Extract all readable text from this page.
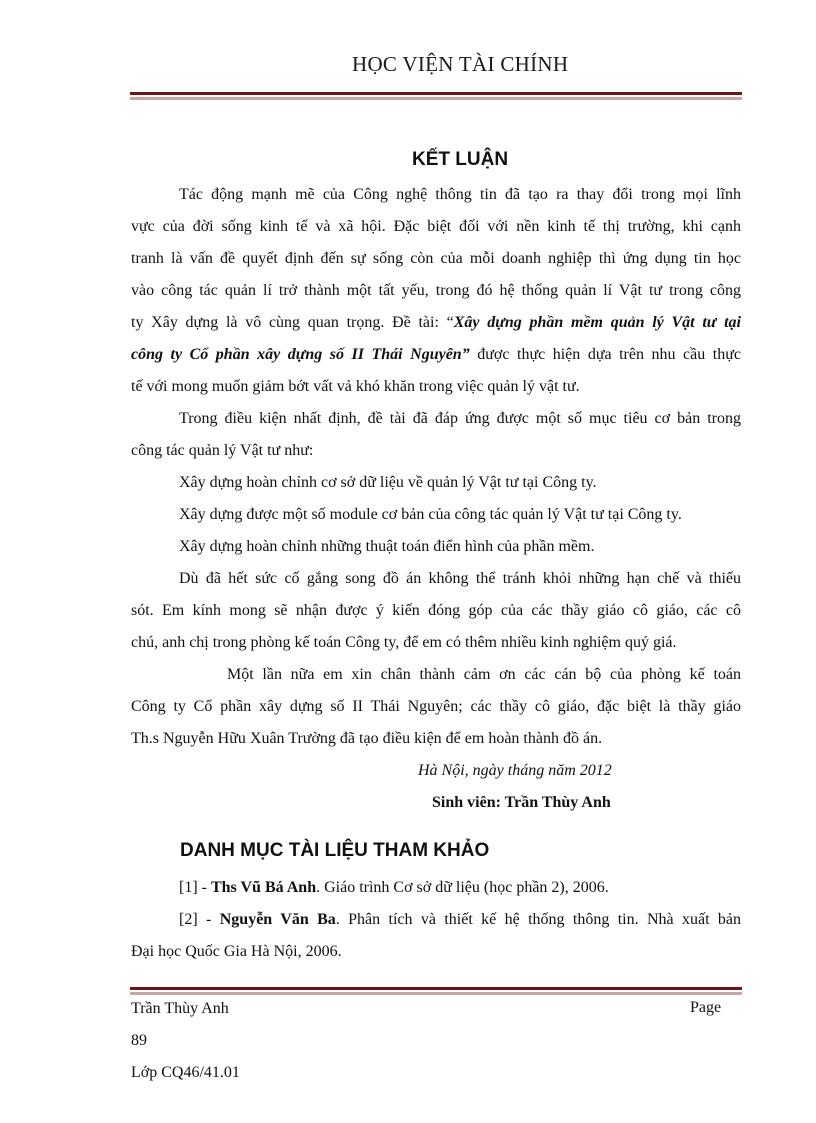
HỌC VIỆN TÀI CHÍNH
KẾT LUẬN
Tác động mạnh mẽ của Công nghệ thông tin đã tạo ra thay đổi trong mọi lĩnh
vực của đời sống kinh tế và xã hội. Đặc biệt đối với nền kinh tế thị trường, khi cạnh
tranh là vấn đề quyết định đến sự sống còn của mỗi doanh nghiệp thì ứng dụng tin học
vào công tác quản lí trở thành một tất yếu, trong đó hệ thống quản lí Vật tư trong công
ty Xây dựng là vô cùng quan trọng. Đề tài: “Xây dựng phần mềm quản lý Vật tư tại
công ty Cổ phần xây dựng số II Thái Nguyên” được thực hiện dựa trên nhu cầu thực
tế với mong muốn giảm bớt vất vả khó khăn trong việc quản lý vật tư.
Trong điều kiện nhất định, đề tài đã đáp ứng được một số mục tiêu cơ bản trong
công tác quản lý Vật tư như:
Xây dựng hoàn chỉnh cơ sở dữ liệu về quản lý Vật tư tại Công ty.
Xây dựng được một số module cơ bản của công tác quản lý Vật tư tại Công ty.
Xây dựng hoàn chỉnh những thuật toán điển hình của phần mềm.
Dù đã hết sức cố gắng song đồ án không thể tránh khỏi những hạn chế và thiếu
sót. Em kính mong sẽ nhận được ý kiến đóng góp của các thầy giáo cô giáo, các cô
chú, anh chị trong phòng kế toán Công ty, để em có thêm nhiều kinh nghiệm quý giá.
Một lần nữa em xin chân thành cảm ơn các cán bộ của phòng kế toán
Công ty Cổ phần xây dựng số II Thái Nguyên; các thầy cô giáo, đặc biệt là thầy giáo
Th.s Nguyễn Hữu Xuân Trường đã tạo điều kiện để em hoàn thành đồ án.
Hà Nội, ngày tháng năm 2012
Sinh viên: Trần Thùy Anh
DANH MỤC TÀI LIỆU THAM KHẢO
[1] - Ths Vũ Bá Anh. Giáo trình Cơ sở dữ liệu (học phần 2), 2006.
[2] - Nguyễn Văn Ba. Phân tích và thiết kế hệ thống thông tin. Nhà xuất bản
Đại học Quốc Gia Hà Nội, 2006.
Trần Thùy Anh	Page
89
Lớp CQ46/41.01
